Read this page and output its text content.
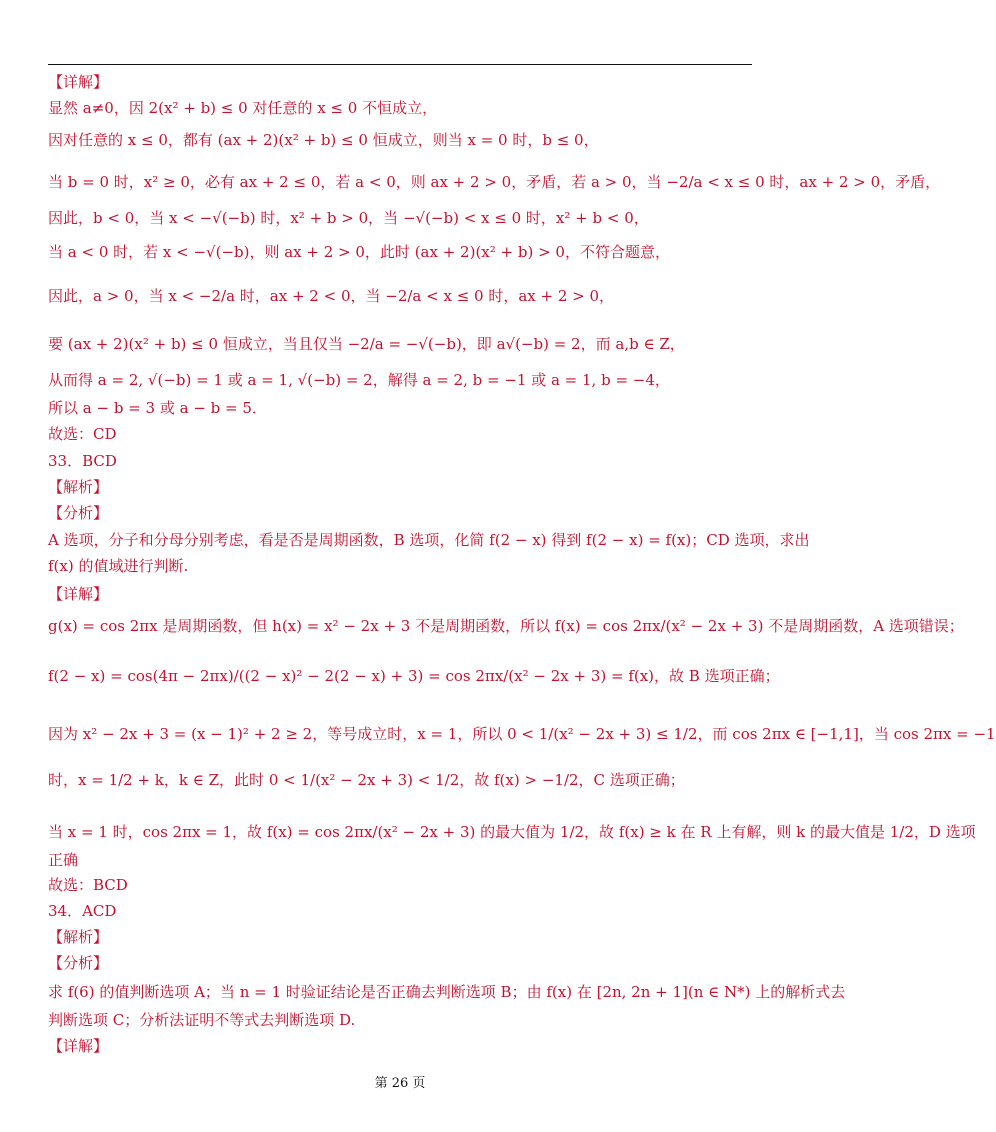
【详解】
显然 a≠0，因 2(x² + b) ≤ 0 对任意的 x ≤ 0 不恒成立，
因对任意的 x ≤ 0，都有 (ax + 2)(x² + b) ≤ 0 恒成立，则当 x = 0 时，b ≤ 0，
当 b = 0 时，x² ≥ 0，必有 ax + 2 ≤ 0，若 a < 0，则 ax + 2 > 0，矛盾，若 a > 0，当 −2/a < x ≤ 0 时，ax + 2 > 0，矛盾，
因此，b < 0，当 x < −√(−b) 时，x² + b > 0，当 −√(−b) < x ≤ 0 时，x² + b < 0，
当 a < 0 时，若 x < −√(−b)，则 ax + 2 > 0，此时 (ax + 2)(x² + b) > 0，不符合题意，
因此，a > 0，当 x < −2/a 时，ax + 2 < 0，当 −2/a < x ≤ 0 时，ax + 2 > 0，
要 (ax + 2)(x² + b) ≤ 0 恒成立，当且仅当 −2/a = −√(−b)，即 a√(−b) = 2，而 a,b ∈ Z，
从而得 a = 2, √(−b) = 1 或 a = 1, √(−b) = 2，解得 a = 2, b = −1 或 a = 1, b = −4，
所以 a − b = 3 或 a − b = 5．
故选：CD
33．BCD
【解析】
【分析】
A 选项，分子和分母分别考虑，看是否是周期函数，B 选项，化简 f(2 − x) 得到 f(2 − x) = f(x)；CD 选项，求出
f(x) 的值域进行判断.
【详解】
g(x) = cos 2πx 是周期函数，但 h(x) = x² − 2x + 3 不是周期函数，所以 f(x) = cos 2πx/(x² − 2x + 3) 不是周期函数，A 选项错误；
f(2 − x) = cos(4π − 2πx)/((2 − x)² − 2(2 − x) + 3) = cos 2πx/(x² − 2x + 3) = f(x)，故 B 选项正确；
因为 x² − 2x + 3 = (x − 1)² + 2 ≥ 2，等号成立时，x = 1，所以 0 < 1/(x² − 2x + 3) ≤ 1/2，而 cos 2πx ∈ [−1,1]，当 cos 2πx = −1
时，x = 1/2 + k，k ∈ Z，此时 0 < 1/(x² − 2x + 3) < 1/2，故 f(x) > −1/2，C 选项正确；
当 x = 1 时，cos 2πx = 1，故 f(x) = cos 2πx/(x² − 2x + 3) 的最大值为 1/2，故 f(x) ≥ k 在 R 上有解，则 k 的最大值是 1/2，D 选项
正确
故选：BCD
34．ACD
【解析】
【分析】
求 f(6) 的值判断选项 A；当 n = 1 时验证结论是否正确去判断选项 B；由 f(x) 在 [2n, 2n + 1](n ∈ N*) 上的解析式去
判断选项 C；分析法证明不等式去判断选项 D.
【详解】
第 26 页
